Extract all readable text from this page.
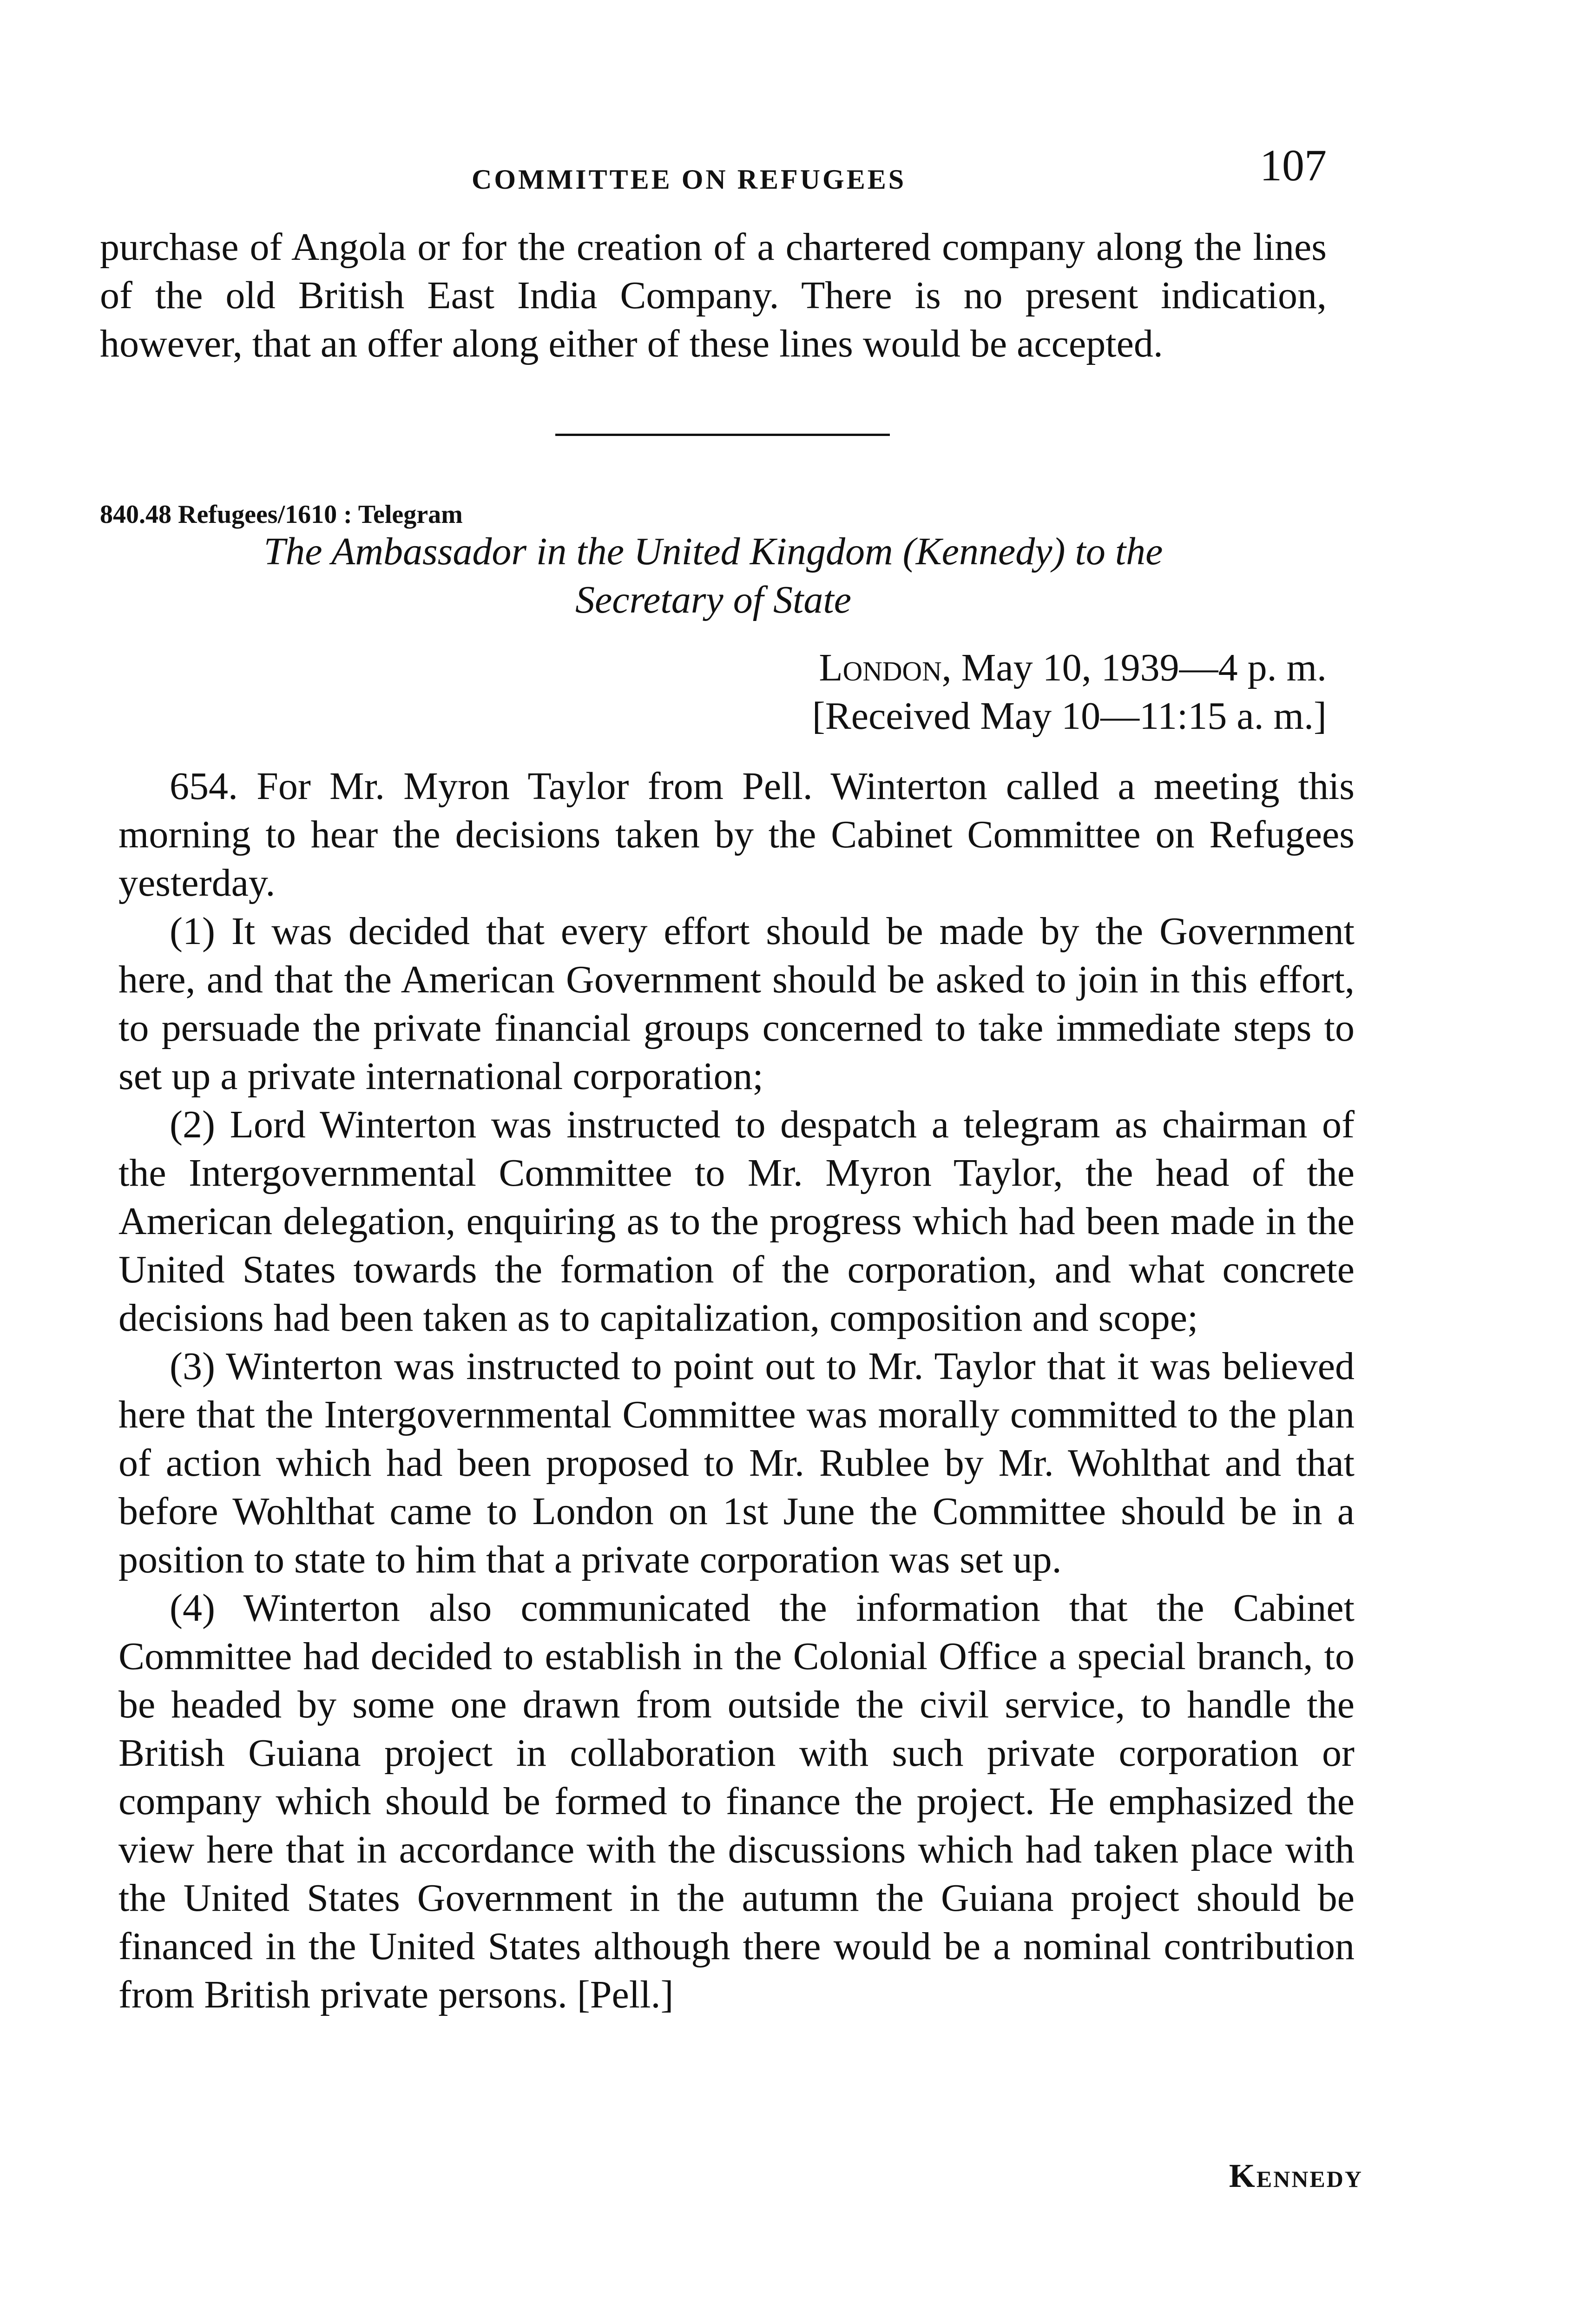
COMMITTEE ON REFUGEES	107

purchase of Angola or for the creation of a chartered company along the lines of the old British East India Company. There is no present indication, however, that an offer along either of these lines would be accepted.

840.48 Refugees/1610 : Telegram
The Ambassador in the United Kingdom (Kennedy) to the
Secretary of State
London, May 10, 1939—4 p. m.
[Received May 10—11:15 a. m.]

654. For Mr. Myron Taylor from Pell. Winterton called a meeting this morning to hear the decisions taken by the Cabinet Committee on Refugees yesterday.

(1) It was decided that every effort should be made by the Government here, and that the American Government should be asked to join in this effort, to persuade the private financial groups concerned to take immediate steps to set up a private international corporation;

(2) Lord Winterton was instructed to despatch a telegram as chairman of the Intergovernmental Committee to Mr. Myron Taylor, the head of the American delegation, enquiring as to the progress which had been made in the United States towards the formation of the corporation, and what concrete decisions had been taken as to capitalization, composition and scope;

(3) Winterton was instructed to point out to Mr. Taylor that it was believed here that the Intergovernmental Committee was morally committed to the plan of action which had been proposed to Mr. Rublee by Mr. Wohlthat and that before Wohlthat came to London on 1st June the Committee should be in a position to state to him that a private corporation was set up.

(4) Winterton also communicated the information that the Cabinet Committee had decided to establish in the Colonial Office a special branch, to be headed by some one drawn from outside the civil service, to handle the British Guiana project in collaboration with such private corporation or company which should be formed to finance the project. He emphasized the view here that in accordance with the discussions which had taken place with the United States Government in the autumn the Guiana project should be financed in the United States although there would be a nominal contribution from British private persons. [Pell.]

Kennedy
